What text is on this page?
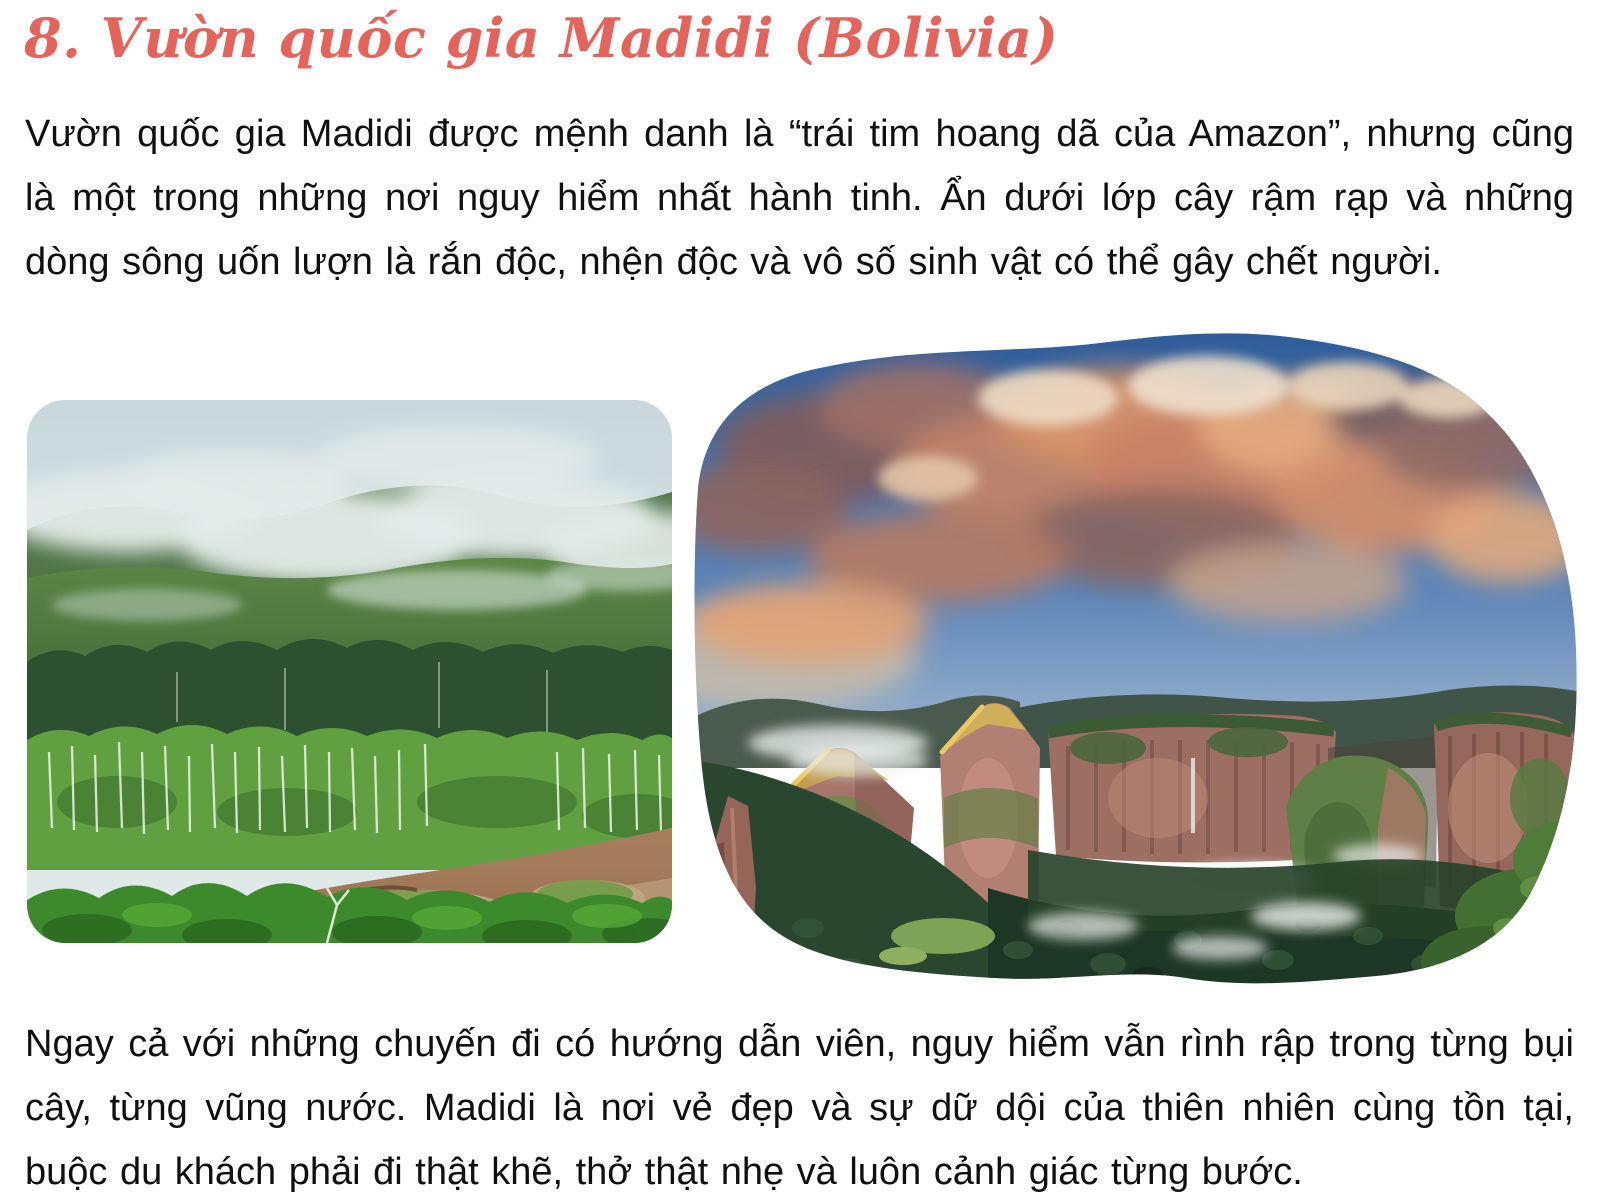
8. Vườn quốc gia Madidi (Bolivia)

Vườn quốc gia Madidi được mệnh danh là “trái tim hoang dã của Amazon”, nhưng cũng là một trong những nơi nguy hiểm nhất hành tinh. Ẩn dưới lớp cây rậm rạp và những dòng sông uốn lượn là rắn độc, nhện độc và vô số sinh vật có thể gây chết người.

Ngay cả với những chuyến đi có hướng dẫn viên, nguy hiểm vẫn rình rập trong từng bụi cây, từng vũng nước. Madidi là nơi vẻ đẹp và sự dữ dội của thiên nhiên cùng tồn tại, buộc du khách phải đi thật khẽ, thở thật nhẹ và luôn cảnh giác từng bước.
